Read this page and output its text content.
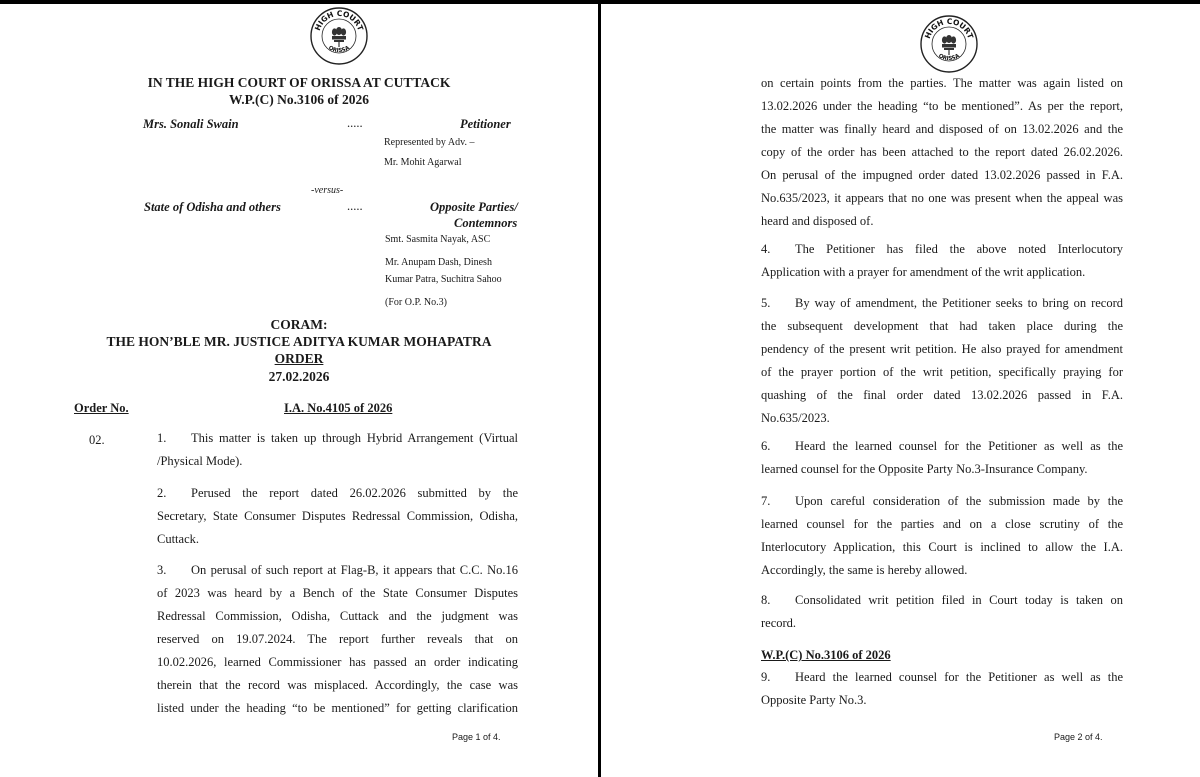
HIGH COURT
ORISSA
IN THE HIGH COURT OF ORISSA AT CUTTACK
W.P.(C) No.3106 of 2026
Mrs. Sonali Swain	.....	Petitioner
Represented by Adv. –
Mr. Mohit Agarwal
-versus-
State of Odisha and others	.....	Opposite Parties/
Contemnors
Smt. Sasmita Nayak, ASC
Mr. Anupam Dash, Dinesh
Kumar Patra, Suchitra Sahoo
(For O.P. No.3)
CORAM:
THE HON’BLE MR. JUSTICE ADITYA KUMAR MOHAPATRA
ORDER
27.02.2026
Order No.	I.A. No.4105 of 2026
02.	1. This matter is taken up through Hybrid Arrangement (Virtual
/Physical Mode).
2. Perused the report dated 26.02.2026 submitted by the
Secretary, State Consumer Disputes Redressal Commission, Odisha,
Cuttack.
3. On perusal of such report at Flag-B, it appears that C.C. No.16
of 2023 was heard by a Bench of the State Consumer Disputes
Redressal Commission, Odisha, Cuttack and the judgment was
reserved on 19.07.2024. The report further reveals that on
10.02.2026, learned Commissioner has passed an order indicating
therein that the record was misplaced. Accordingly, the case was
listed under the heading “to be mentioned” for getting clarification
Page 1 of 4.
HIGH COURT
ORISSA
on certain points from the parties. The matter was again listed on
13.02.2026 under the heading “to be mentioned”. As per the report,
the matter was finally heard and disposed of on 13.02.2026 and the
copy of the order has been attached to the report dated 26.02.2026.
On perusal of the impugned order dated 13.02.2026 passed in F.A.
No.635/2023, it appears that no one was present when the appeal was
heard and disposed of.
4. The Petitioner has filed the above noted Interlocutory
Application with a prayer for amendment of the writ application.
5. By way of amendment, the Petitioner seeks to bring on record
the subsequent development that had taken place during the
pendency of the present writ petition. He also prayed for amendment
of the prayer portion of the writ petition, specifically praying for
quashing of the final order dated 13.02.2026 passed in F.A.
No.635/2023.
6. Heard the learned counsel for the Petitioner as well as the
learned counsel for the Opposite Party No.3-Insurance Company.
7. Upon careful consideration of the submission made by the
learned counsel for the parties and on a close scrutiny of the
Interlocutory Application, this Court is inclined to allow the I.A.
Accordingly, the same is hereby allowed.
8. Consolidated writ petition filed in Court today is taken on
record.
W.P.(C) No.3106 of 2026
9. Heard the learned counsel for the Petitioner as well as the
Opposite Party No.3.
Page 2 of 4.
